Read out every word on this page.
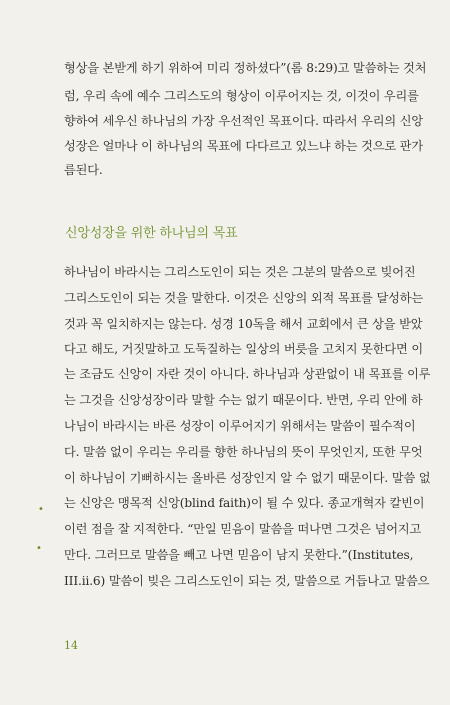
형상을 본받게 하기 위하여 미리 정하셨다”(롬 8:29)고 말씀하는 것처
럼, 우리 속에 예수 그리스도의 형상이 이루어지는 것, 이것이 우리를
향하여 세우신 하나님의 가장 우선적인 목표이다. 따라서 우리의 신앙
성장은 얼마나 이 하나님의 목표에 다다르고 있느냐 하는 것으로 판가
름된다.
신앙성장을 위한 하나님의 목표
하나님이 바라시는 그리스도인이 되는 것은 그분의 말씀으로 빚어진
그리스도인이 되는 것을 말한다. 이것은 신앙의 외적 목표를 달성하는
것과 꼭 일치하지는 않는다. 성경 10독을 해서 교회에서 큰 상을 받았
다고 해도, 거짓말하고 도둑질하는 일상의 버릇을 고치지 못한다면 이
는 조금도 신앙이 자란 것이 아니다. 하나님과 상관없이 내 목표를 이루
는 그것을 신앙성장이라 말할 수는 없기 때문이다. 반면, 우리 안에 하
나님이 바라시는 바른 성장이 이루어지기 위해서는 말씀이 필수적이
다. 말씀 없이 우리는 우리를 향한 하나님의 뜻이 무엇인지, 또한 무엇
이 하나님이 기뻐하시는 올바른 성장인지 알 수 없기 때문이다. 말씀 없
는 신앙은 맹목적 신앙(blind faith)이 될 수 있다. 종교개혁자 칼빈이
이런 점을 잘 지적한다. “만일 믿음이 말씀을 떠나면 그것은 넘어지고
만다. 그러므로 말씀을 빼고 나면 믿음이 남지 못한다.”(Institutes,
III.ii.6) 말씀이 빚은 그리스도인이 되는 것, 말씀으로 거듭나고 말씀으
•
•
14
